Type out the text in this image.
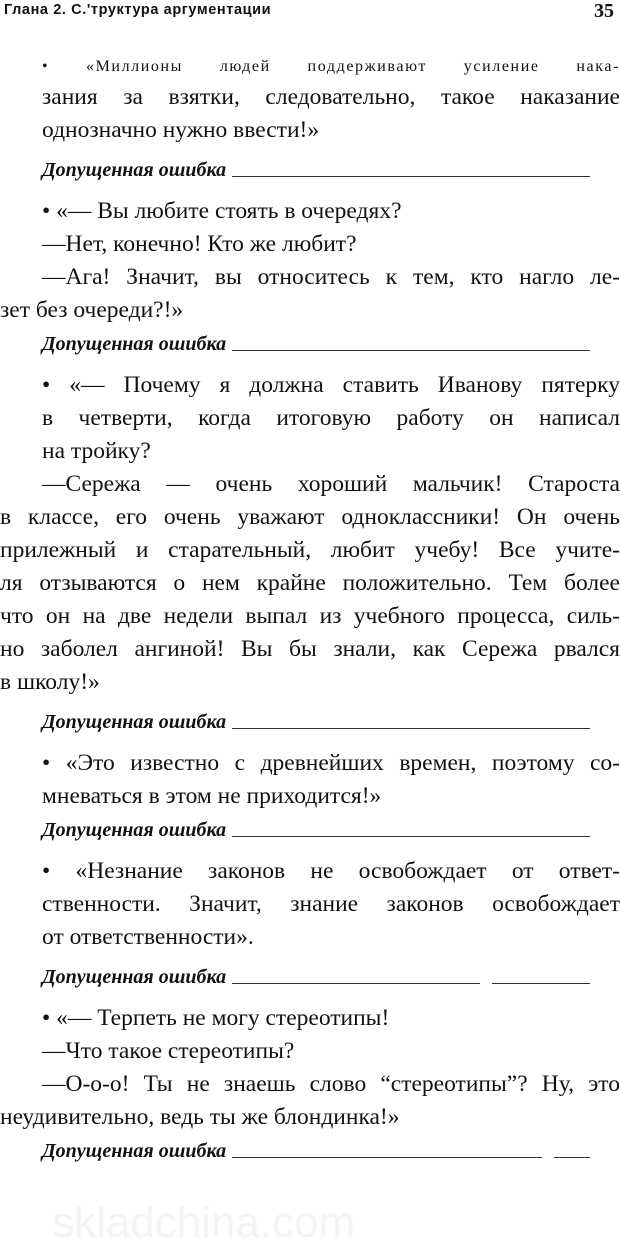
Глана 2. С.'труктура аргументации	35
• «Миллионы людей поддерживают усиление нака-
зания за взятки, следовательно, такое наказание
однозначно нужно ввести!»
Допущенная ошибка
• «— Вы любите стоять в очередях?
—Нет, конечно! Кто же любит?
—Ага! Значит, вы относитесь к тем, кто нагло ле-
зет без очереди?!»
Допущенная ошибка
• «— Почему я должна ставить Иванову пятерку
в четверти, когда итоговую работу он написал
на тройку?
—Сережа — очень хороший мальчик! Староста
в классе, его очень уважают одноклассники! Он очень
прилежный и старательный, любит учебу! Все учите-
ля отзываются о нем крайне положительно. Тем более
что он на две недели выпал из учебного процесса, силь-
но заболел ангиной! Вы бы знали, как Сережа рвался
в школу!»
Допущенная ошибка
• «Это известно с древнейших времен, поэтому со-
мневаться в этом не приходится!»
Допущенная ошибка
• «Незнание законов не освобождает от ответ-
ственности. Значит, знание законов освобождает
от ответственности».
Допущенная ошибка
• «— Терпеть не могу стереотипы!
—Что такое стереотипы?
—О-о-о! Ты не знаешь слово “стереотипы”? Ну, это
неудивительно, ведь ты же блондинка!»
Допущенная ошибка
skladchina.com
